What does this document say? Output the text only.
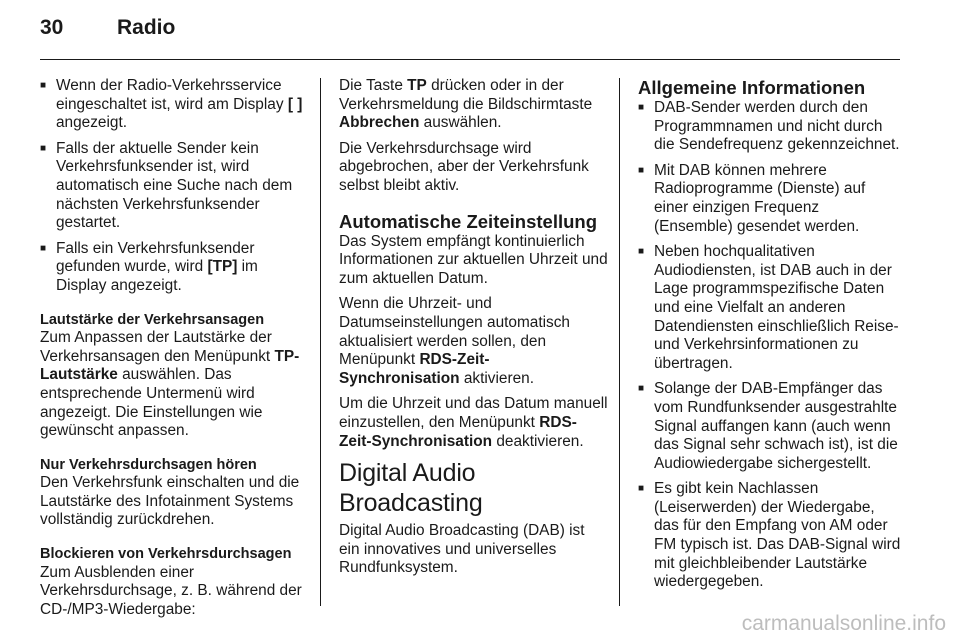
30	Radio
■ Wenn der Radio-Verkehrsservice eingeschaltet ist, wird am Display [ ] angezeigt.
■ Falls der aktuelle Sender kein Verkehrsfunksender ist, wird automatisch eine Suche nach dem nächsten Verkehrsfunksender gestartet.
■ Falls ein Verkehrsfunksender gefunden wurde, wird [TP] im Display angezeigt.
Lautstärke der Verkehrsansagen

Zum Anpassen der Lautstärke der Verkehrsansagen den Menüpunkt TP-Lautstärke auswählen. Das entsprechende Untermenü wird angezeigt. Die Einstellungen wie gewünscht anpassen.

Nur Verkehrsdurchsagen hören

Den Verkehrsfunk einschalten und die Lautstärke des Infotainment Systems vollständig zurückdrehen.

Blockieren von Verkehrsdurchsagen

Zum Ausblenden einer Verkehrsdurchsage, z. B. während der CD-/MP3-Wiedergabe:

Die Taste TP drücken oder in der Verkehrsmeldung die Bildschirmtaste Abbrechen auswählen.

Die Verkehrsdurchsage wird abgebrochen, aber der Verkehrsfunk selbst bleibt aktiv.

Automatische Zeiteinstellung

Das System empfängt kontinuierlich Informationen zur aktuellen Uhrzeit und zum aktuellen Datum.

Wenn die Uhrzeit- und Datumseinstellungen automatisch aktualisiert werden sollen, den Menüpunkt RDS-Zeit-Synchronisation aktivieren.

Um die Uhrzeit und das Datum manuell einzustellen, den Menüpunkt RDS-Zeit-Synchronisation deaktivieren.

Digital Audio Broadcasting

Digital Audio Broadcasting (DAB) ist ein innovatives und universelles Rundfunksystem.

Allgemeine Informationen
■ DAB-Sender werden durch den Programmnamen und nicht durch die Sendefrequenz gekennzeichnet.
■ Mit DAB können mehrere Radioprogramme (Dienste) auf einer einzigen Frequenz (Ensemble) gesendet werden.
■ Neben hochqualitativen Audiodiensten, ist DAB auch in der Lage programmspezifische Daten und eine Vielfalt an anderen Datendiensten einschließlich Reise- und Verkehrsinformationen zu übertragen.
■ Solange der DAB-Empfänger das vom Rundfunksender ausgestrahlte Signal auffangen kann (auch wenn das Signal sehr schwach ist), ist die Audiowiedergabe sichergestellt.
■ Es gibt kein Nachlassen (Leiserwerden) der Wiedergabe, das für den Empfang von AM oder FM typisch ist. Das DAB-Signal wird mit gleichbleibender Lautstärke wiedergegeben.
carmanualsonline.info
